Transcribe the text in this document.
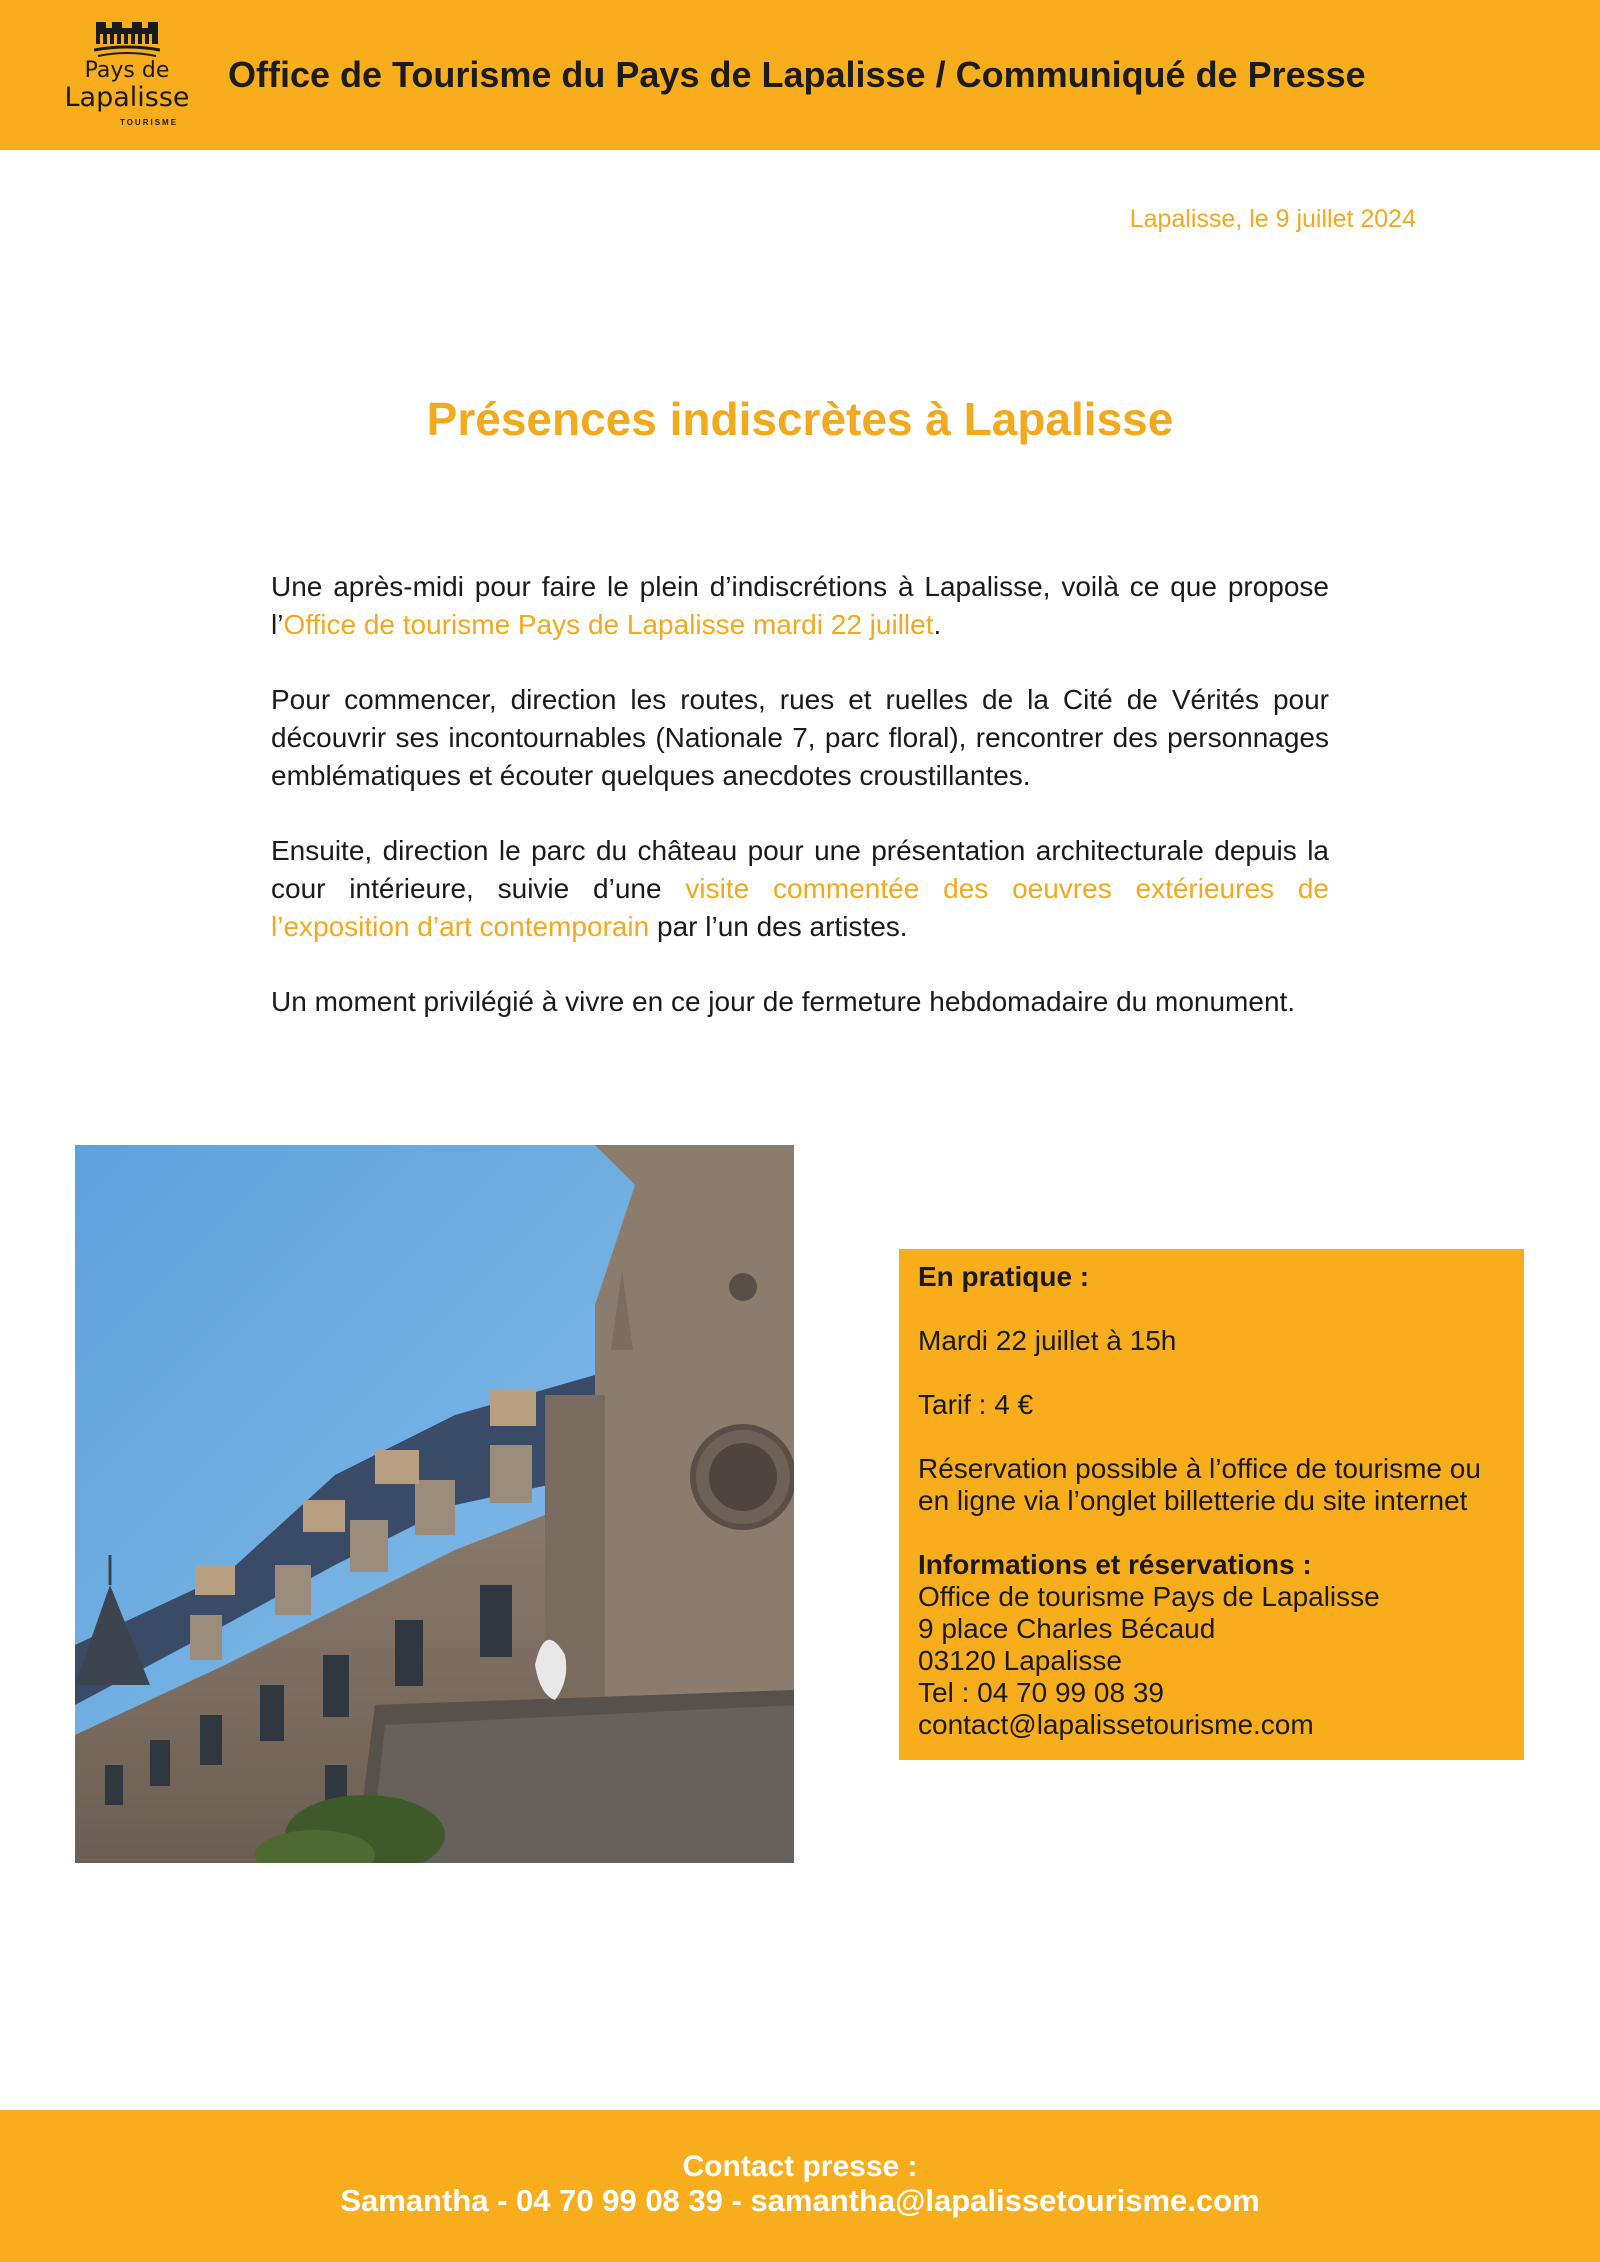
Pays de
Lapalisse
TOURISME
Office de Tourisme du Pays de Lapalisse / Communiqué de Presse
Lapalisse, le 9 juillet 2024
Présences indiscrètes à Lapalisse

Une après-midi pour faire le plein d’indiscrétions à Lapalisse, voilà ce que propose l’Office de tourisme Pays de Lapalisse mardi 22 juillet.

Pour commencer, direction les routes, rues et ruelles de la Cité de Vérités pour découvrir ses incontournables (Nationale 7, parc floral), rencontrer des personnages emblématiques et écouter quelques anecdotes croustillantes.

Ensuite, direction le parc du château pour une présentation architecturale depuis la cour intérieure, suivie d’une visite commentée des oeuvres extérieures de l’exposition d’art contemporain par l’un des artistes.

Un moment privilégié à vivre en ce jour de fermeture hebdomadaire du monument.

En pratique :
Mardi 22 juillet à 15h
Tarif : 4 €
Réservation possible à l’office de tourisme ou en ligne via l’onglet billetterie du site internet
Informations et réservations :
Office de tourisme Pays de Lapalisse
9 place Charles Bécaud
03120 Lapalisse
Tel : 04 70 99 08 39
contact@lapalissetourisme.com
Contact presse :
Samantha - 04 70 99 08 39 - samantha@lapalissetourisme.com
